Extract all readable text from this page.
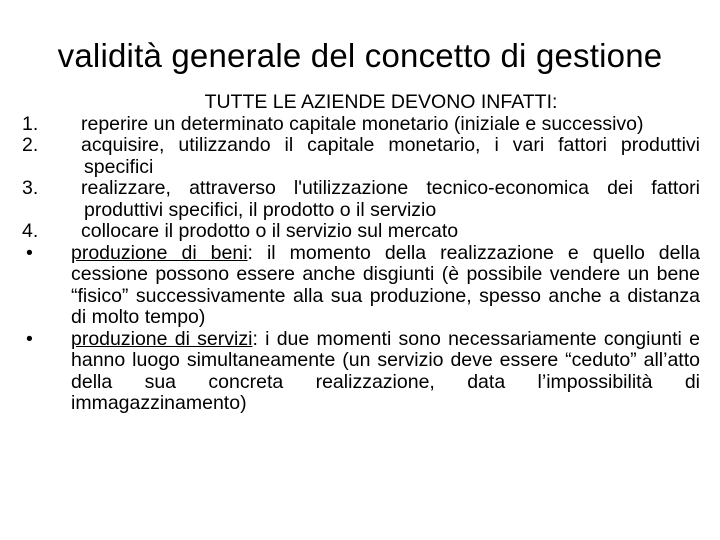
validità generale del concetto di gestione
TUTTE LE AZIENDE DEVONO INFATTI:
1.	reperire un determinato capitale monetario (iniziale e successivo)
2.	acquisire, utilizzando il capitale monetario, i vari fattori produttivi specifici
3.	realizzare, attraverso l'utilizzazione tecnico-economica dei fattori produttivi specifici, il prodotto o il servizio
4.	collocare il prodotto o il servizio sul mercato
•	produzione di beni: il momento della realizzazione e quello della cessione possono essere anche disgiunti (è possibile vendere un bene “fisico” successivamente alla sua produzione, spesso anche a distanza di molto tempo)
•	produzione di servizi: i due momenti sono necessariamente congiunti e hanno luogo simultaneamente (un servizio deve essere “ceduto” all’atto della sua concreta realizzazione, data l’impossibilità di immagazzinamento)
